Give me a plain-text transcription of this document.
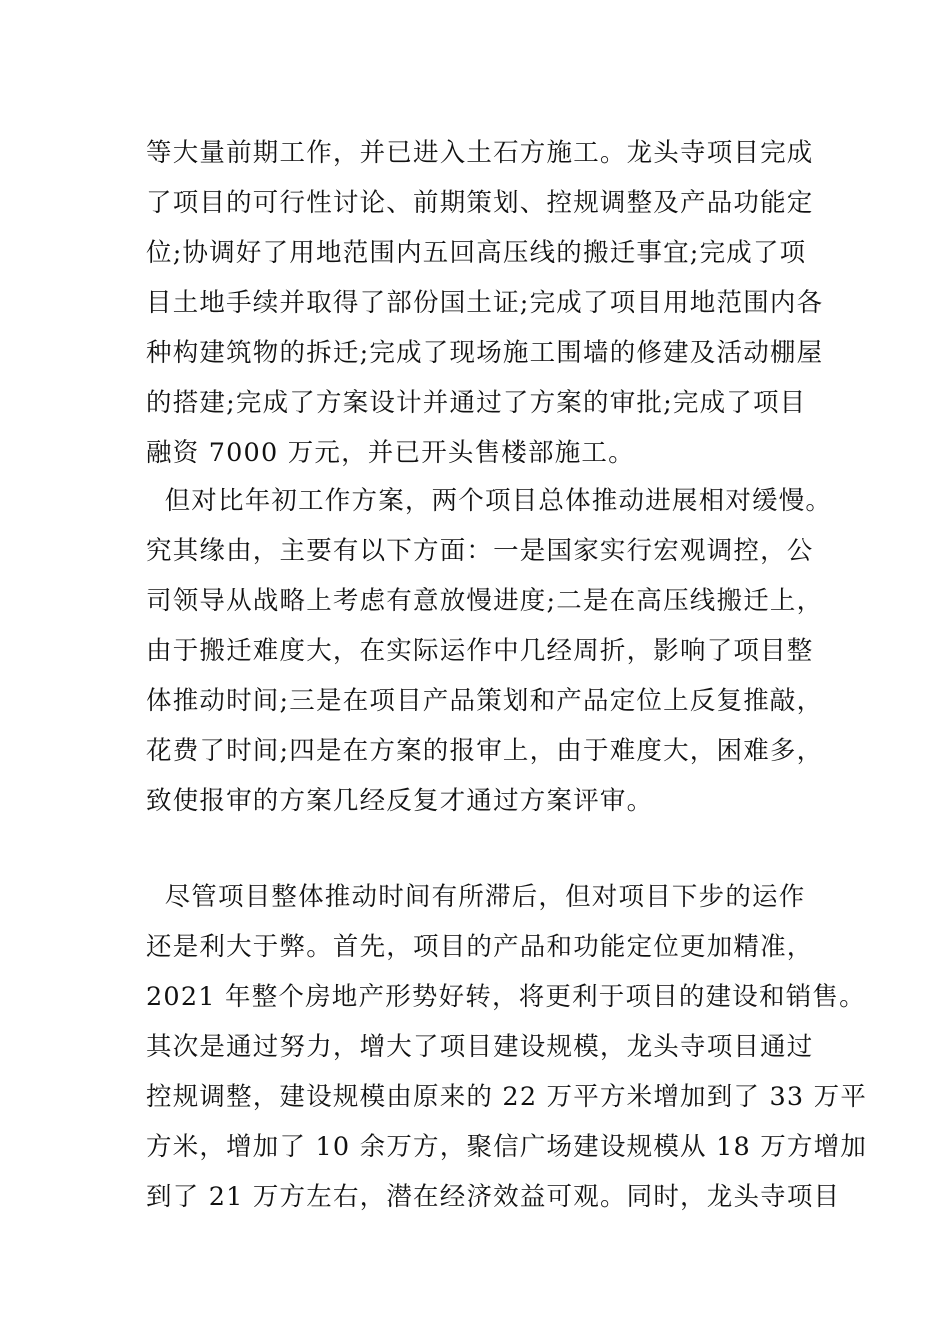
等大量前期工作，并已进入土石方施工。龙头寺项目完成
了项目的可行性讨论、前期策划、控规调整及产品功能定
位;协调好了用地范围内五回高压线的搬迁事宜;完成了项
目土地手续并取得了部份国土证;完成了项目用地范围内各
种构建筑物的拆迁;完成了现场施工围墙的修建及活动棚屋
的搭建;完成了方案设计并通过了方案的审批;完成了项目
融资 7000 万元，并已开头售楼部施工。
但对比年初工作方案，两个项目总体推动进展相对缓慢。
究其缘由，主要有以下方面：一是国家实行宏观调控，公
司领导从战略上考虑有意放慢进度;二是在高压线搬迁上，
由于搬迁难度大，在实际运作中几经周折，影响了项目整
体推动时间;三是在项目产品策划和产品定位上反复推敲，
花费了时间;四是在方案的报审上，由于难度大，困难多，
致使报审的方案几经反复才通过方案评审。
尽管项目整体推动时间有所滞后，但对项目下步的运作
还是利大于弊。首先，项目的产品和功能定位更加精准，
2021 年整个房地产形势好转，将更利于项目的建设和销售。
其次是通过努力，增大了项目建设规模，龙头寺项目通过
控规调整，建设规模由原来的 22 万平方米增加到了 33 万平
方米，增加了 10 余万方，聚信广场建设规模从 18 万方增加
到了 21 万方左右，潜在经济效益可观。同时，龙头寺项目
